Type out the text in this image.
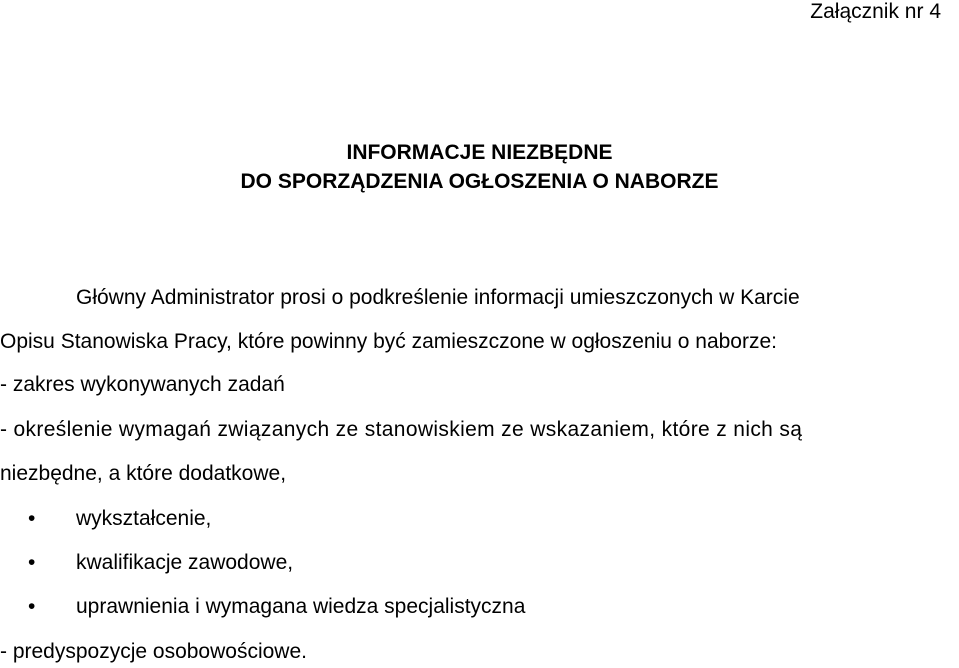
Załącznik nr 4
INFORMACJE NIEZBĘDNE
DO SPORZĄDZENIA OGŁOSZENIA O NABORZE
Główny Administrator prosi o podkreślenie informacji umieszczonych w Karcie
Opisu Stanowiska Pracy, które powinny być zamieszczone w ogłoszeniu o naborze:
- zakres wykonywanych zadań
- określenie wymagań związanych ze stanowiskiem ze wskazaniem, które z nich są
niezbędne, a które dodatkowe,
•	wykształcenie,
•	kwalifikacje zawodowe,
•	uprawnienia i wymagana wiedza specjalistyczna
- predyspozycje osobowościowe.
